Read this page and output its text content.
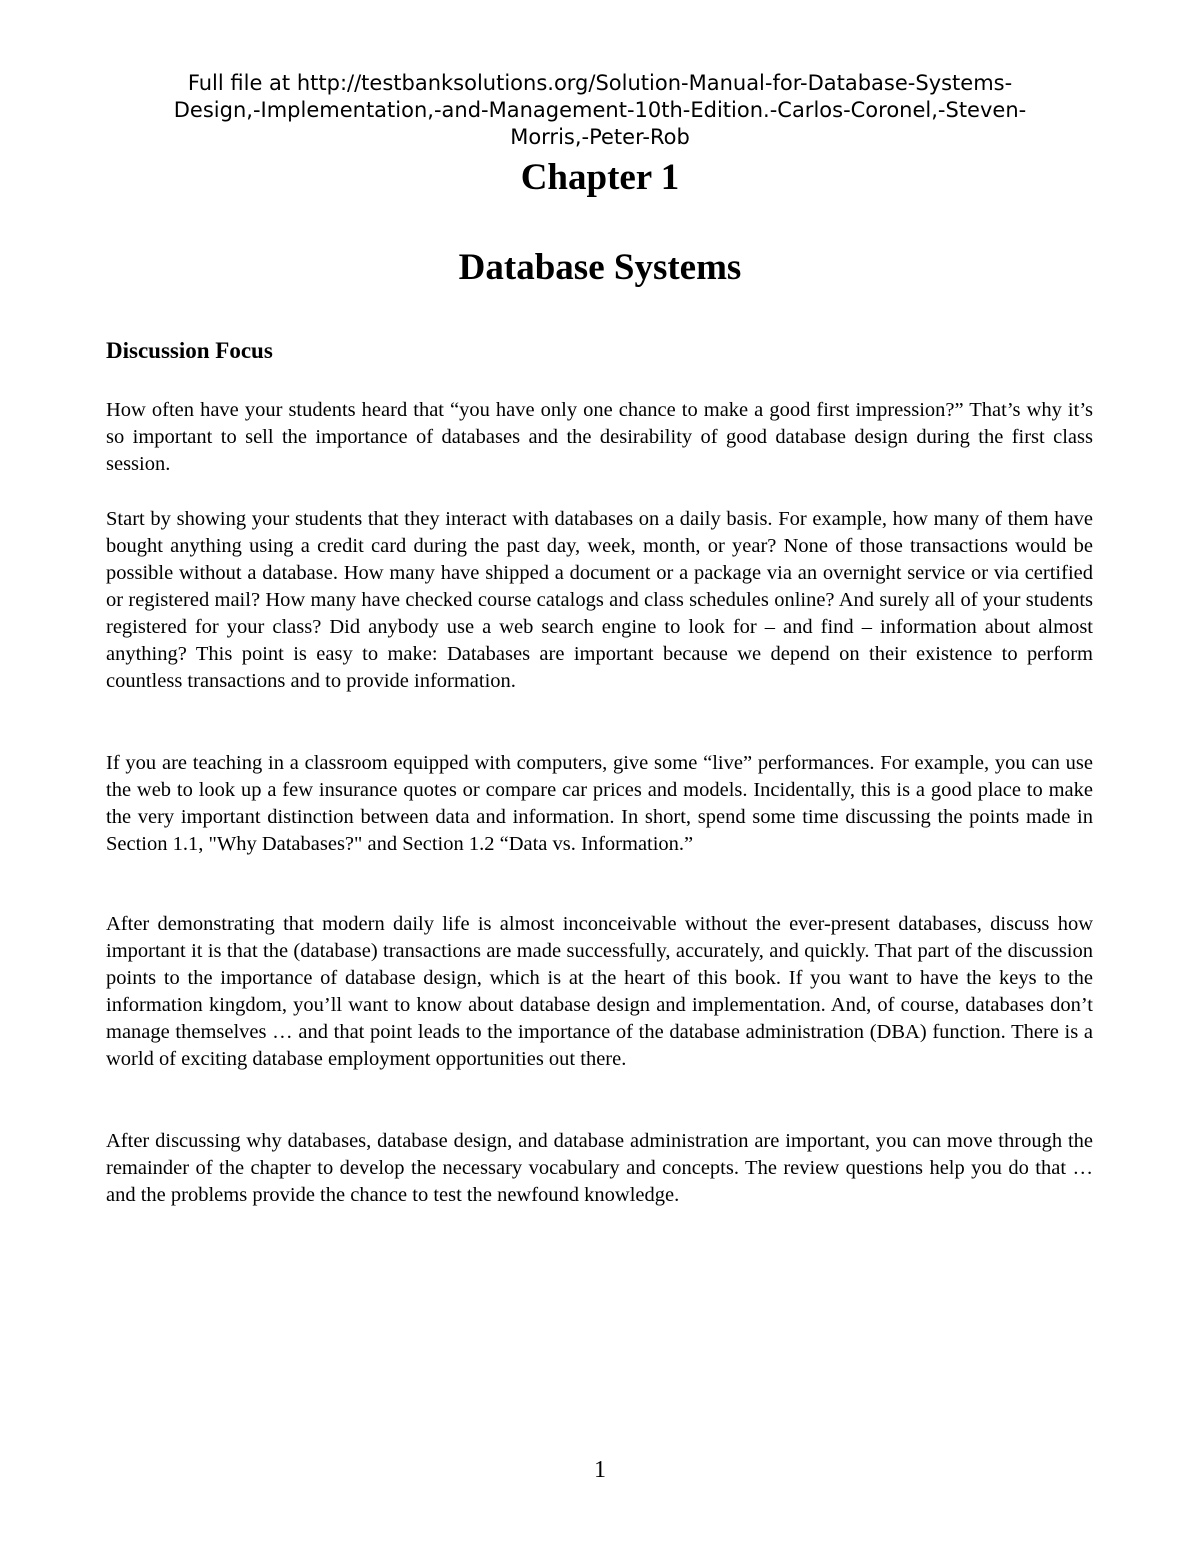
Full file at http://testbanksolutions.org/Solution-Manual-for-Database-Systems-
Design,-Implementation,-and-Management-10th-Edition.-Carlos-Coronel,-Steven-
Morris,-Peter-Rob
Chapter 1
Database Systems
Discussion Focus

How often have your students heard that “you have only one chance to make a good first impression?” That’s why it’s so important to sell the importance of databases and the desirability of good database design during the first class session.

Start by showing your students that they interact with databases on a daily basis. For example, how many of them have bought anything using a credit card during the past day, week, month, or year? None of those transactions would be possible without a database. How many have shipped a document or a package via an overnight service or via certified or registered mail? How many have checked course catalogs and class schedules online? And surely all of your students registered for your class? Did anybody use a web search engine to look for – and find – information about almost anything? This point is easy to make: Databases are important because we depend on their existence to perform countless transactions and to provide information.

If you are teaching in a classroom equipped with computers, give some “live” performances. For example, you can use the web to look up a few insurance quotes or compare car prices and models. Incidentally, this is a good place to make the very important distinction between data and information. In short, spend some time discussing the points made in Section 1.1, "Why Databases?" and Section 1.2 “Data vs. Information.”

After demonstrating that modern daily life is almost inconceivable without the ever-present databases, discuss how important it is that the (database) transactions are made successfully, accurately, and quickly. That part of the discussion points to the importance of database design, which is at the heart of this book. If you want to have the keys to the information kingdom, you’ll want to know about database design and implementation. And, of course, databases don’t manage themselves … and that point leads to the importance of the database administration (DBA) function. There is a world of exciting database employment opportunities out there.

After discussing why databases, database design, and database administration are important, you can move through the remainder of the chapter to develop the necessary vocabulary and concepts. The review questions help you do that … and the problems provide the chance to test the newfound knowledge.

1
